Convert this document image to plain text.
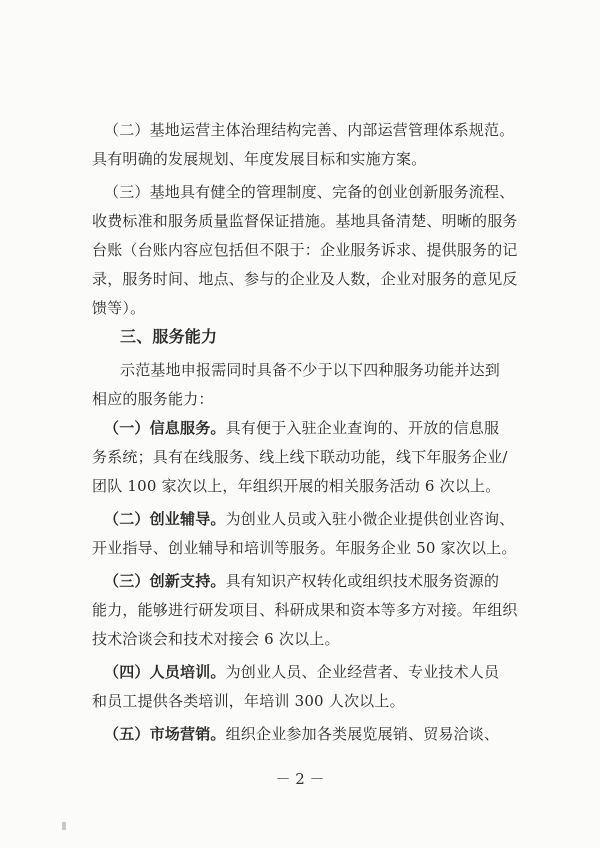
（二）基地运营主体治理结构完善、内部运营管理体系规范。
具有明确的发展规划、年度发展目标和实施方案。
（三）基地具有健全的管理制度、完备的创业创新服务流程、
收费标准和服务质量监督保证措施。基地具备清楚、明晰的服务
台账（台账内容应包括但不限于：企业服务诉求、提供服务的记
录，服务时间、地点、参与的企业及人数，企业对服务的意见反
馈等）。
三、服务能力
示范基地申报需同时具备不少于以下四种服务功能并达到
相应的服务能力：
（一）信息服务。具有便于入驻企业查询的、开放的信息服
务系统；具有在线服务、线上线下联动功能，线下年服务企业/
团队 100 家次以上，年组织开展的相关服务活动 6 次以上。
（二）创业辅导。为创业人员或入驻小微企业提供创业咨询、
开业指导、创业辅导和培训等服务。年服务企业 50 家次以上。
（三）创新支持。具有知识产权转化或组织技术服务资源的
能力，能够进行研发项目、科研成果和资本等多方对接。年组织
技术洽谈会和技术对接会 6 次以上。
（四）人员培训。为创业人员、企业经营者、专业技术人员
和员工提供各类培训，年培训 300 人次以上。
（五）市场营销。组织企业参加各类展览展销、贸易洽谈、
－ 2 －
